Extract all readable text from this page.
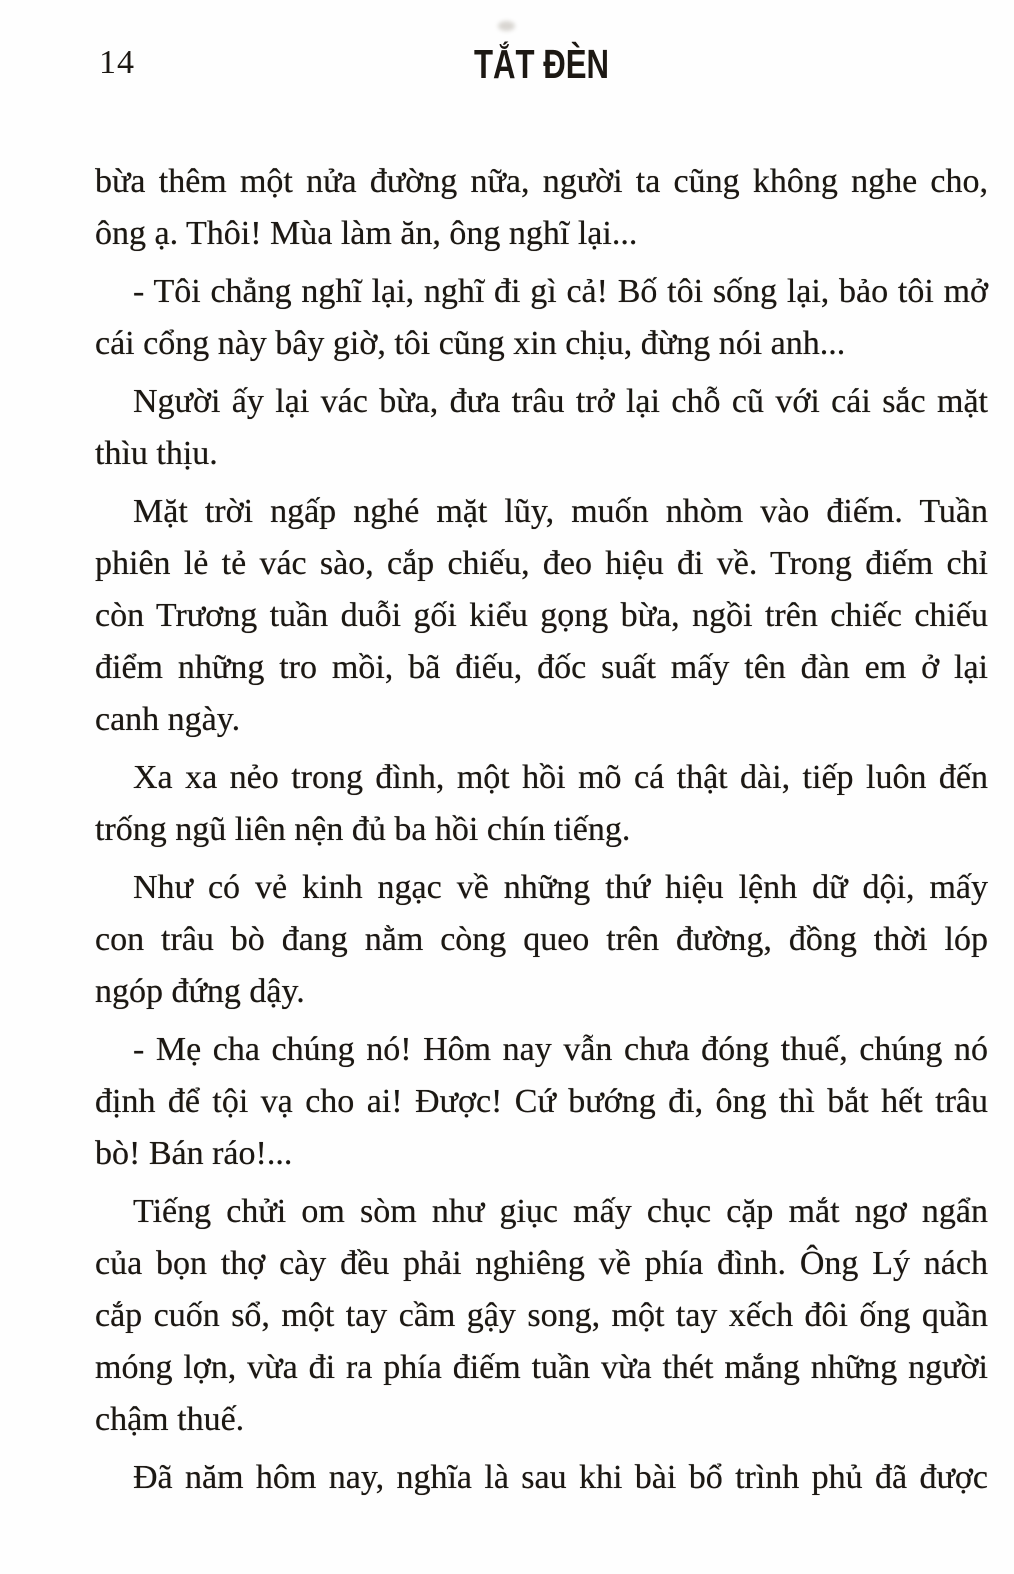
14	TẮT ĐÈN
bừa thêm một nửa đường nữa, người ta cũng không nghe cho,
ông ạ. Thôi! Mùa làm ăn, ông nghĩ lại...
- Tôi chẳng nghĩ lại, nghĩ đi gì cả! Bố tôi sống lại, bảo tôi mở
cái cổng này bây giờ, tôi cũng xin chịu, đừng nói anh...
Người ấy lại vác bừa, đưa trâu trở lại chỗ cũ với cái sắc mặt
thìu thịu.
Mặt trời ngấp nghé mặt lũy, muốn nhòm vào điếm. Tuần
phiên lẻ tẻ vác sào, cắp chiếu, đeo hiệu đi về. Trong điếm chỉ
còn Trương tuần duỗi gối kiểu gọng bừa, ngồi trên chiếc chiếu
điểm những tro mồi, bã điếu, đốc suất mấy tên đàn em ở lại
canh ngày.
Xa xa nẻo trong đình, một hồi mõ cá thật dài, tiếp luôn đến
trống ngũ liên nện đủ ba hồi chín tiếng.
Như có vẻ kinh ngạc về những thứ hiệu lệnh dữ dội, mấy
con trâu bò đang nằm còng queo trên đường, đồng thời lóp
ngóp đứng dậy.
- Mẹ cha chúng nó! Hôm nay vẫn chưa đóng thuế, chúng nó
định để tội vạ cho ai! Được! Cứ bướng đi, ông thì bắt hết trâu
bò! Bán ráo!...
Tiếng chửi om sòm như giục mấy chục cặp mắt ngơ ngẩn
của bọn thợ cày đều phải nghiêng về phía đình. Ông Lý nách
cắp cuốn sổ, một tay cầm gậy song, một tay xếch đôi ống quần
móng lợn, vừa đi ra phía điếm tuần vừa thét mắng những người
chậm thuế.
Đã năm hôm nay, nghĩa là sau khi bài bổ trình phủ đã được
